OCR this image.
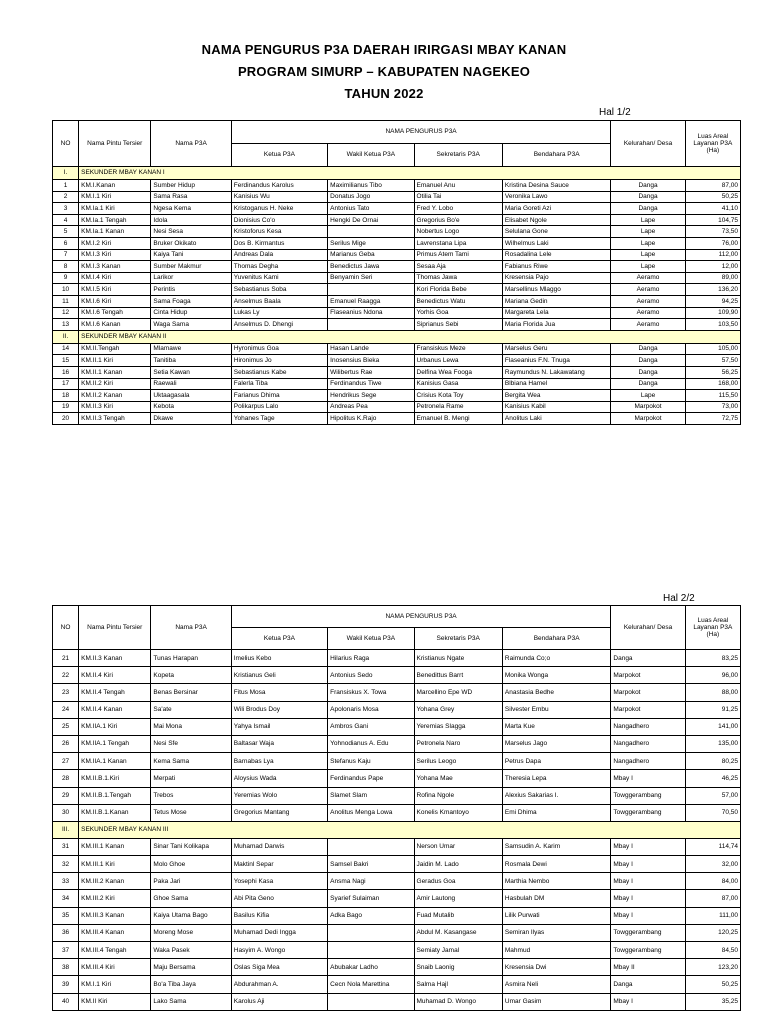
NAMA PENGURUS P3A DAERAH IRIRGASI MBAY KANAN
PROGRAM SIMURP – KABUPATEN NAGEKEO
TAHUN 2022
Hal 1/2
NO	Nama Pintu Tersier	Nama P3A	NAMA PENGURUS P3A				Kelurahan/ Desa	Luas Areal Layanan P3A (Ha)
			Ketua P3A	Wakil Ketua P3A	Sekretaris P3A	Bendahara P3A		
I.	SEKUNDER MBAY KANAN I							
1	KM.I.Kanan	Sumber Hidup	Ferdinandus Karolus	Maximilianus Tibo	Emanuel Anu	Kristina Desina Sauce	Danga	87,00
2	KM.I.1 Kiri	Sama Rasa	Kanisius Wu	Donatus Jogo	Otilia Tai	Veronika Lawo	Danga	50,25
3	KM.Ia.1 Kiri	Ngesa Kema	Kristoganus H. Neke	Antonius Tato	Fred Y. Lobo	Maria Goreti Azi	Danga	41,10
4	KM.Ia.1 Tengah	Idola	Dionisius Co'o	Hengki De Ornai	Gregorius Bo'e	Elisabet Ngole	Lape	104,75
5	KM.Ia.1 Kanan	Nesi Sesa	Kristoforus Kesa		Nobertus Logo	Selulana Gone	Lape	73,50
6	KM.I.2 Kiri	Bruker Okikato	Dos B. Kirmantus	Serilus Mige	Lavrenstana Lipa	Wilhelmus Laki	Lape	76,00
7	KM.I.3 Kiri	Kaiya Tani	Andreas Dala	Marianus Geba	Primus Atem Tami	Rosadalina Lele	Lape	112,00
8	KM.I.3 Kanan	Sumber Makmur	Thomas Degha	Benedictus Jawa	Sesaa Aja	Fabianus Riwe	Lape	12,00
9	KM.I.4 Kiri	Larikor	Yuvenitus Kami	Benyamin Seri	Thomas Jawa	Kresensia Pajo	Aeramo	89,00
10	KM.I.5 Kiri	Perintis	Sebastianus Soba		Kori Florida Bebe	Marsellinus Mlaggo	Aeramo	136,20
11	KM.I.6 Kiri	Sama Foaga	Anselmus Baala	Emanuel Raagga	Benedictus Watu	Mariana Gedin	Aeramo	94,25
12	KM.I.6 Tengah	Cinta Hidup	Lukas Ly	Flaseanius Ndona	Yorhis Goa	Margareta Lela	Aeramo	109,90
13	KM.I.6 Kanan	Waga Sama	Anselmus D. Dhengi		Siprianus Sebi	Maria Florida Jua	Aeramo	103,50
II.	SEKUNDER MBAY KANAN II							
14	KM.II.Tengah	Mlamawe	Hyronimus Goa	Hasan Lande	Fransiskus Meze	Marselus Geru	Danga	105,00
15	KM.II.1 Kiri	Tanitiba	Hironimus Jo	Inosensius Bieka	Urbanus Lewa	Flaseanius F.N. Tnuga	Danga	57,50
16	KM.II.1 Kanan	Setia Kawan	Sebastianus Kabe	Wilibertus Rae	Delfina Wea Fooga	Raymundus N. Lakawatang	Danga	56,25
17	KM.II.2 Kiri	Raewali	Falerla Tiba	Ferdinandus Tiwe	Kanisius Gasa	Blbiana Hamel	Danga	168,00
18	KM.II.2 Kanan	Uktaagasala	Farianus Dhima	Hendrikus Sege	Crisius Kota Toy	Bergita Wea	Lape	115,50
19	KM.II.3 Kiri	Kebota	Polikarpus Lalo	Andreas Pea	Petronela Rame	Kanisius Kabil	Marpokot	73,00
20	KM.II.3 Tengah	Dkawe	Yohanes Tage	Hipolitus K.Rajo	Emanuel B. Mengi	Anolitus Laki	Marpokot	72,75
Hal 2/2
NO	Nama Pintu Tersier	Nama P3A	NAMA PENGURUS P3A				Kelurahan/ Desa	Luas Areal Layanan P3A (Ha)
			Ketua P3A	Wakil Ketua P3A	Sekretaris P3A	Bendahara P3A		
21	KM.II.3 Kanan	Tunas Harapan	Imelius Kebo	Hilarius Raga	Kristianus Ngate	Raimunda Co;o	Danga	83,25
22	KM.II.4 Kiri	Kopeta	Kristianus Geli	Antonius Sedo	Benedittus Barrt	Monika Wonga	Marpokot	96,00
23	KM.II.4 Tengah	Benas Bersinar	Fitus Mosa	Fransiskus X. Towa	Marcellino Epe WD	Anastasia Bedhe	Marpokot	88,00
24	KM.II.4 Kanan	Sa'ate	Wili Brodus Doy	Apolonaris Mosa	Yohana Grey	Silvester Embu	Marpokot	91,25
25	KM.IIA.1 Kiri	Mai Mona	Yahya Ismail	Ambros Gani	Yeremias Slagga	Marta Kue	Nangadhero	141,00
26	KM.IIA.1 Tengah	Nesi Sfe	Baltasar Waja	Yohnodianus A. Edu	Petronela Naro	Marselus Jago	Nangadhero	135,00
27	KM.IIA.1 Kanan	Kema Sama	Barnabas Lya	Stefanus Kaju	Serilus Leogo	Petrus Dapa	Nangadhero	80,25
28	KM.II.B.1.Kiri	Merpati	Aloysius Wada	Ferdinandus Pape	Yohana Mae	Theresia Lepa	Mbay I	46,25
29	KM.II.B.1.Tengah	Trebos	Yeremias Wolo	Slamet Slam	Rofina Ngole	Alexius Sakarias I.	Towggerambang	57,00
30	KM.II.B.1.Kanan	Tetus Mose	Gregorius Mantang	Anolitus Menga Lowa	Konelis Kmantoyo	Emi Dhima	Towggerambang	70,50
III.	SEKUNDER MBAY KANAN III							
31	KM.III.1 Kanan	Sinar Tani Kolikapa	Muhamad Darwis		Nerson Umar	Samsudin A. Karim	Mbay I	114,74
32	KM.III.1 Kiri	Molo Ghoe	Maktinl Separ	Samsel Bakri	Jaidin M. Lado	Rosmala Dewi	Mbay I	32,00
33	KM.III.2 Kanan	Paka Jari	Yosephi Kasa	Ansma Nagi	Geradus Goa	Marthia Nembo	Mbay I	84,00
34	KM.III.2 Kiri	Ghoe Sama	Abi Pita Geno	Syarief Sulaiman	Amir Lautong	Hasbulah DM	Mbay I	87,00
35	KM.III.3 Kanan	Kaiya Utama Bago	Basilus Kifia	Adka Bago	Fuad Mutalib	Lilik Purwati	Mbay I	111,00
36	KM.III.4 Kanan	Moreng Mose	Muhamad Dedi Ingga		Abdul M. Kasangase	Semiran Ilyas	Towggerambang	120,25
37	KM.III.4 Tengah	Waka Pasek	Hasyim A. Wongo		Semiaty Jamal	Mahmud	Towggerambang	84,50
38	KM.III.4 Kiri	Maju Bersama	Oslas Siga Mea	Abubakar Ladho	Snaib Laonig	Kresensia Dwi	Mbay II	123,20
39	KM.I.1 Kiri	Bo'a Tiba Jaya	Abdurahman A.	Cecn Nola Marettina	Salma Hajl	Asmira Neli	Danga	50,25
40	KM.II Kiri	Lako Sama	Karolus Aji		Muhamad D. Wongo	Umar Gasim	Mbay I	35,25
